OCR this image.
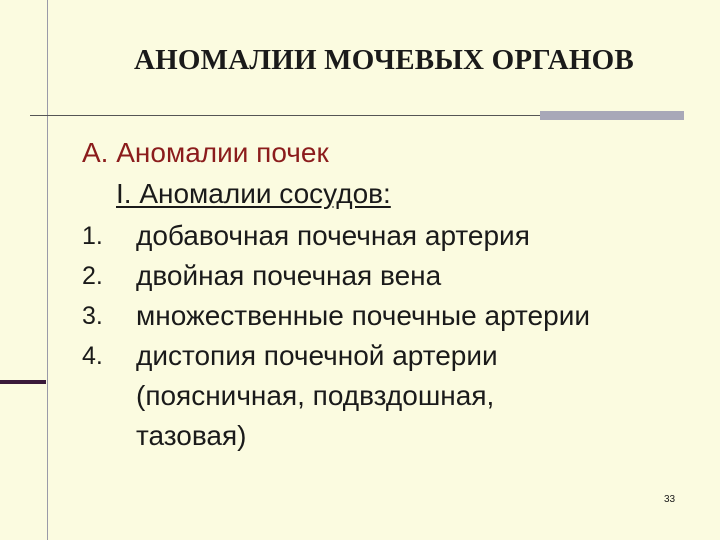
АНОМАЛИИ МОЧЕВЫХ ОРГАНОВ
А. Аномалии почек
I. Аномалии сосудов:
1. добавочная почечная артерия
2. двойная почечная вена
3. множественные почечные артерии
4. дистопия почечной артерии
(поясничная, подвздошная,
тазовая)
33
